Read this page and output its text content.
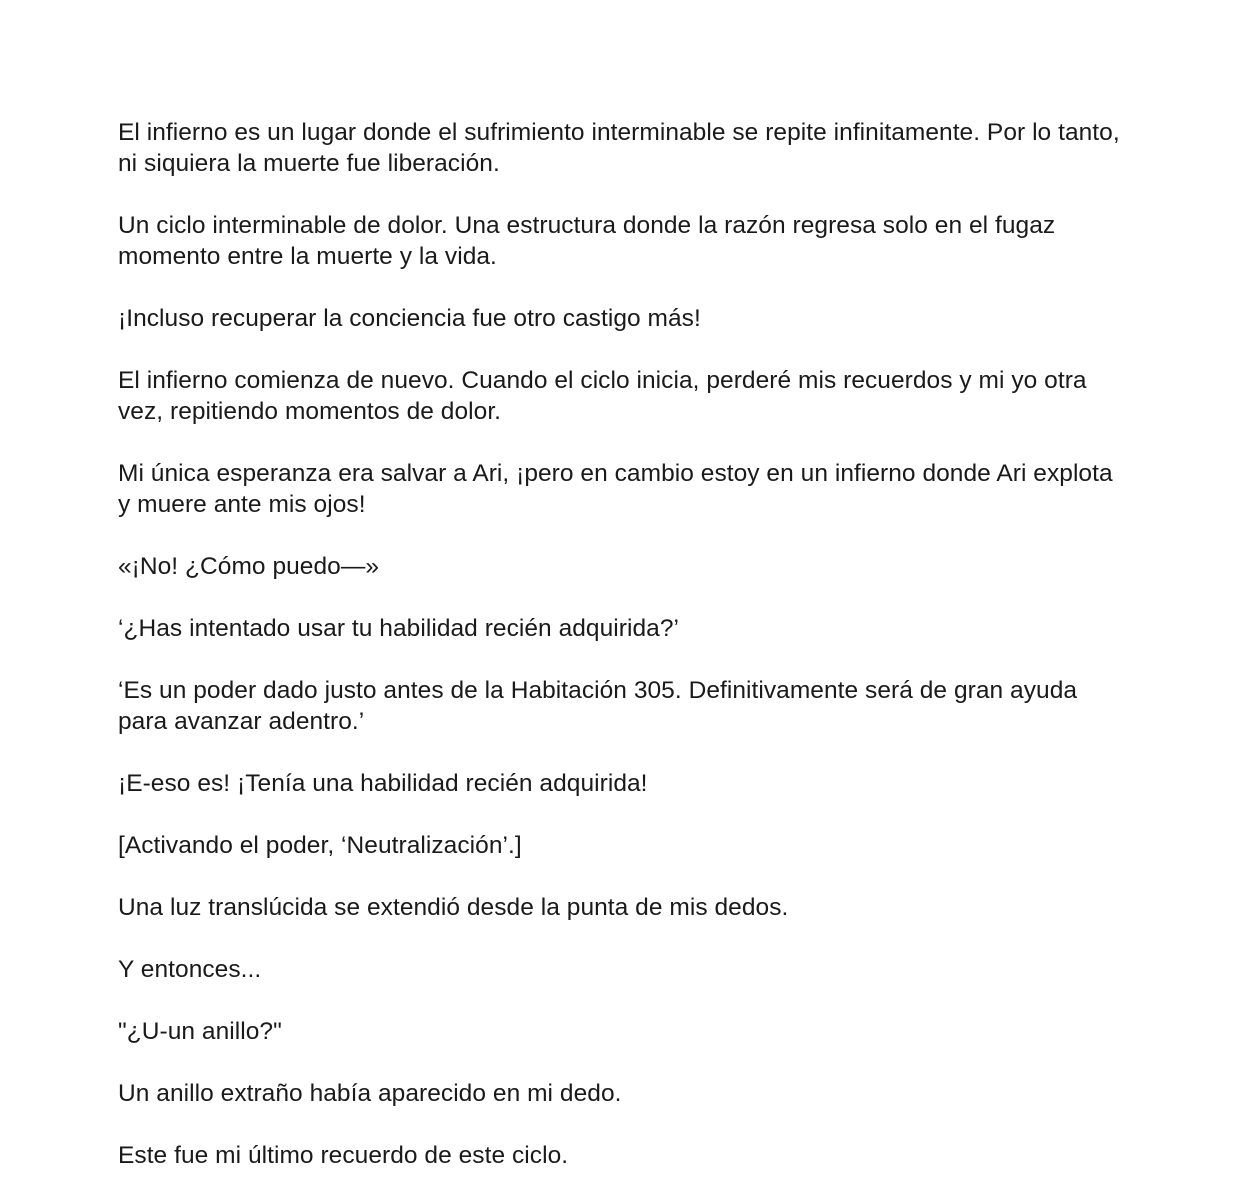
El infierno es un lugar donde el sufrimiento interminable se repite infinitamente. Por lo tanto, ni siquiera la muerte fue liberación.

Un ciclo interminable de dolor. Una estructura donde la razón regresa solo en el fugaz momento entre la muerte y la vida.

¡Incluso recuperar la conciencia fue otro castigo más!

El infierno comienza de nuevo. Cuando el ciclo inicia, perderé mis recuerdos y mi yo otra vez, repitiendo momentos de dolor.

Mi única esperanza era salvar a Ari, ¡pero en cambio estoy en un infierno donde Ari explota y muere ante mis ojos!

«¡No! ¿Cómo puedo—»

‘¿Has intentado usar tu habilidad recién adquirida?’

‘Es un poder dado justo antes de la Habitación 305. Definitivamente será de gran ayuda para avanzar adentro.’

¡E-eso es! ¡Tenía una habilidad recién adquirida!

[Activando el poder, ‘Neutralización’.]

Una luz translúcida se extendió desde la punta de mis dedos.

Y entonces...

"¿U-un anillo?"

Un anillo extraño había aparecido en mi dedo.

Este fue mi último recuerdo de este ciclo.
